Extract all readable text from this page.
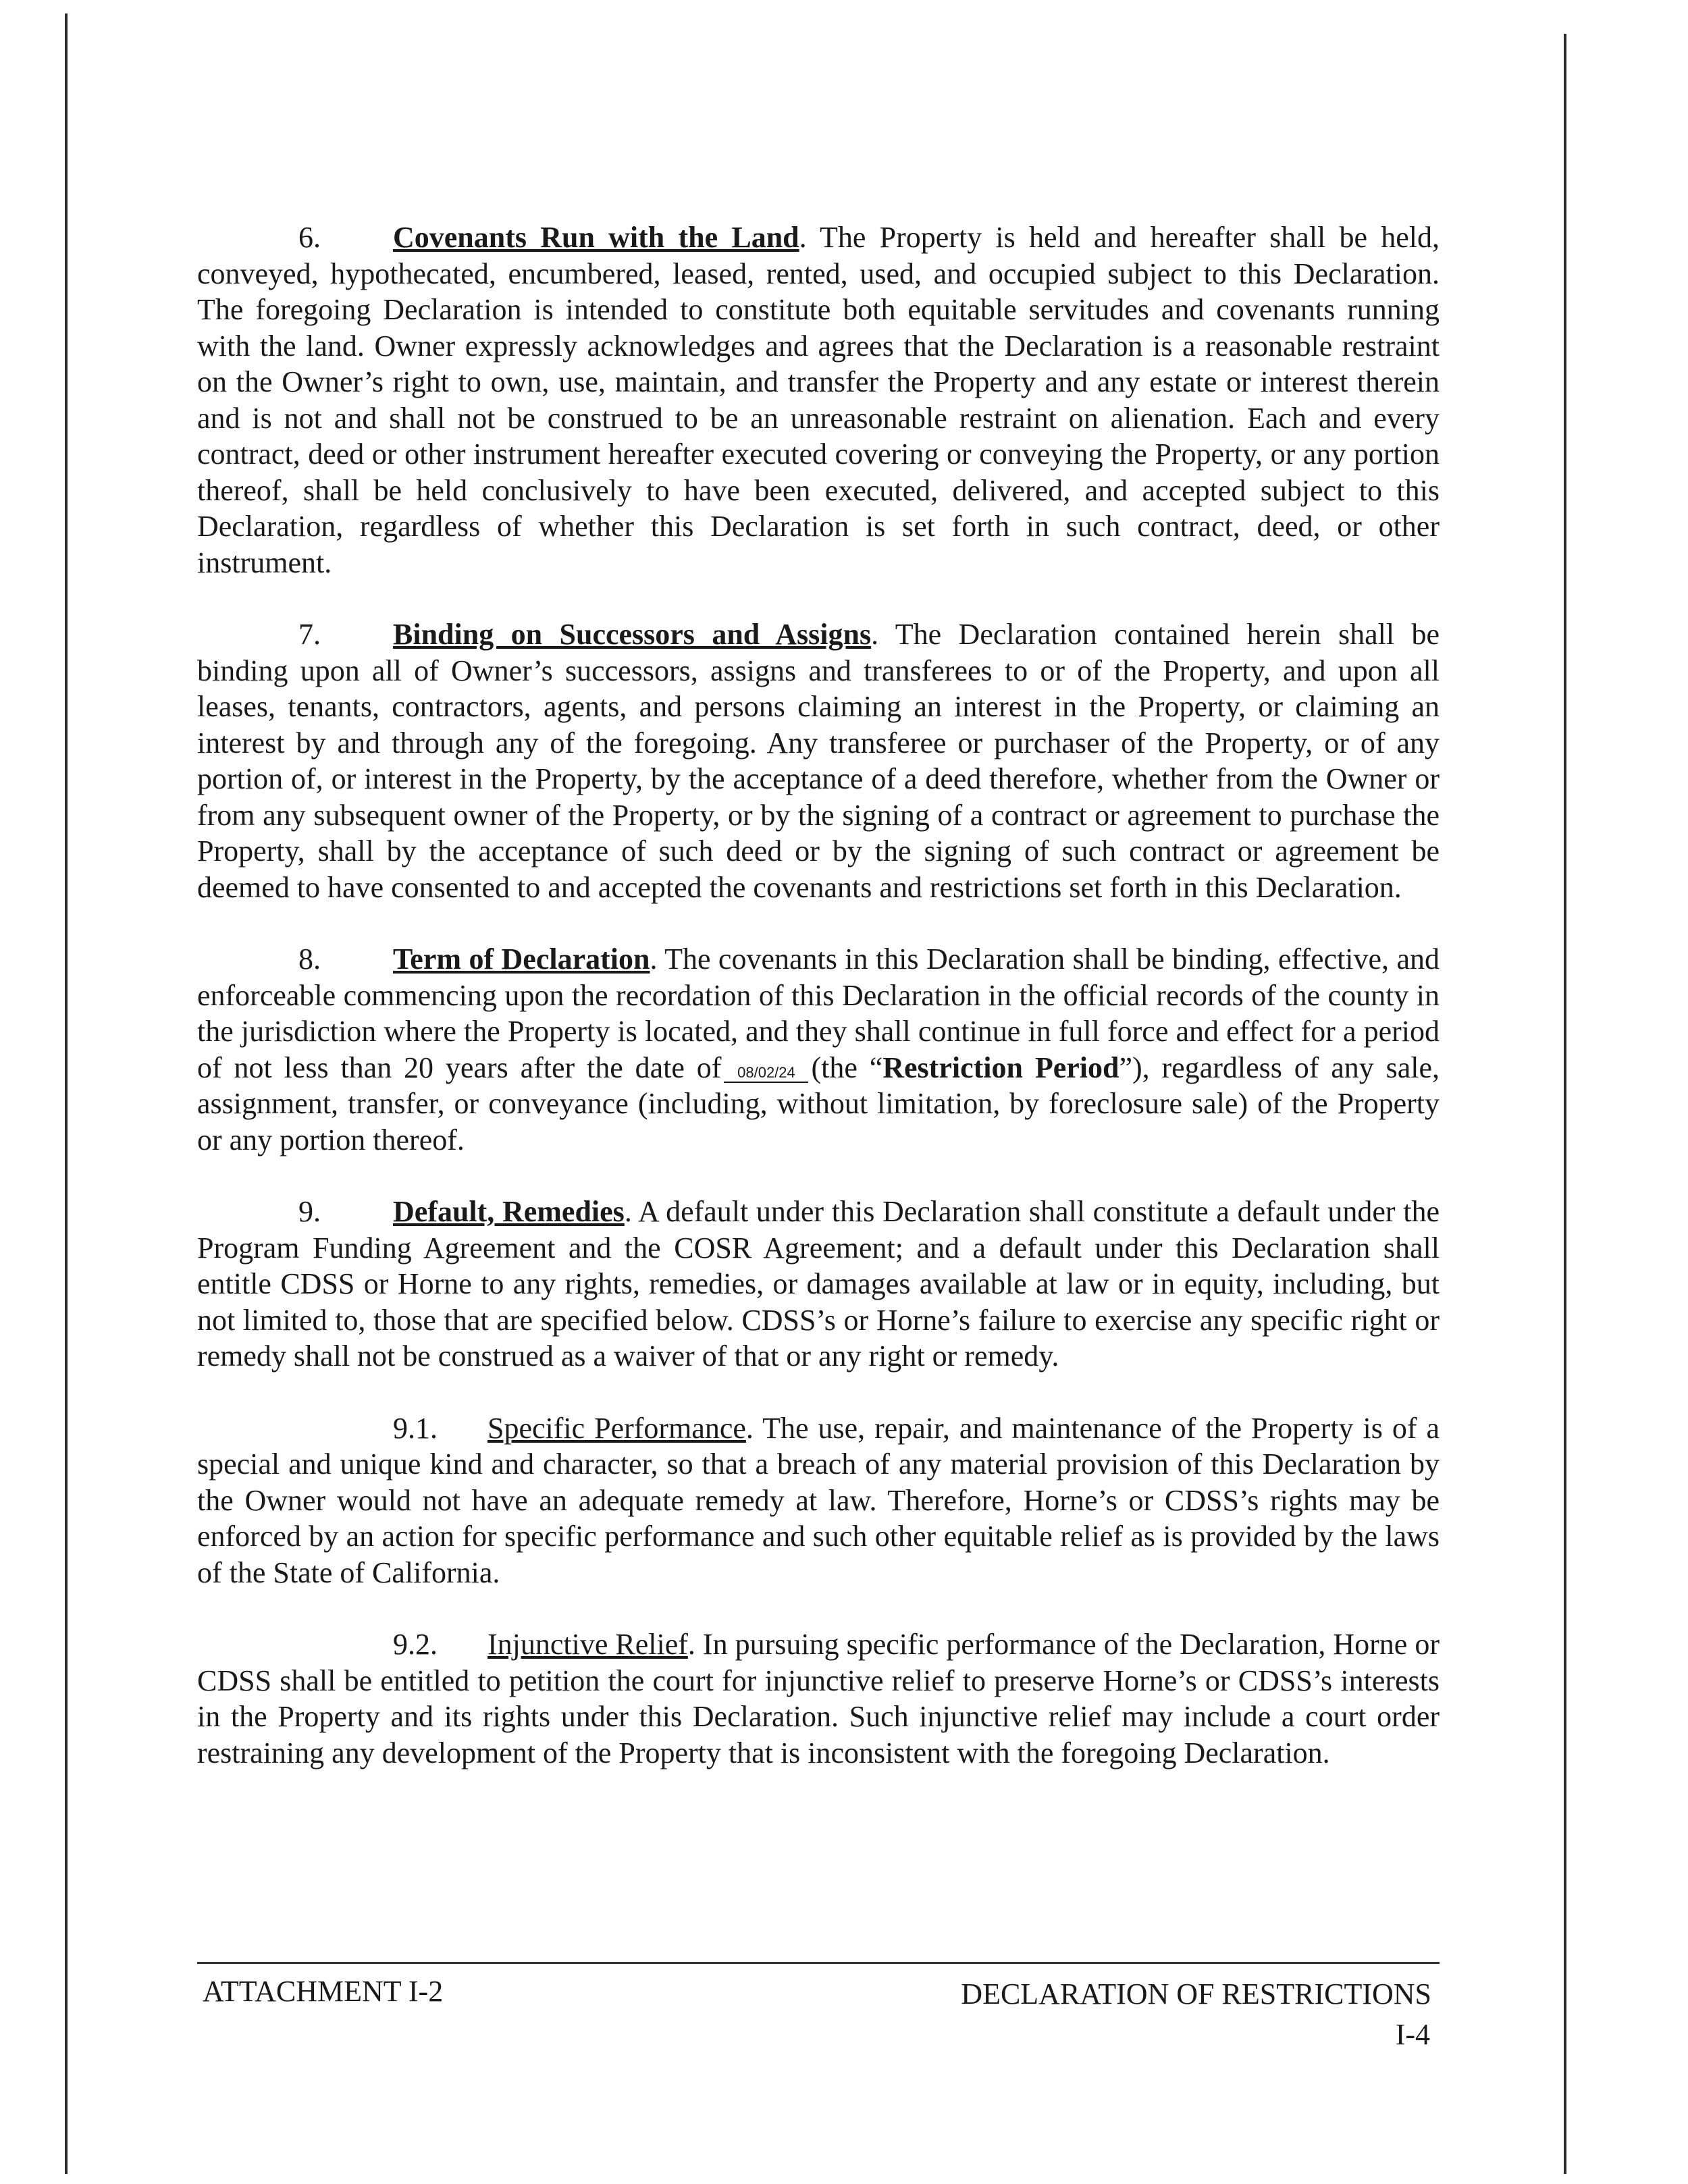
6. Covenants Run with the Land. The Property is held and hereafter shall be held, conveyed, hypothecated, encumbered, leased, rented, used, and occupied subject to this Declaration. The foregoing Declaration is intended to constitute both equitable servitudes and covenants running with the land. Owner expressly acknowledges and agrees that the Declaration is a reasonable restraint on the Owner’s right to own, use, maintain, and transfer the Property and any estate or interest therein and is not and shall not be construed to be an unreasonable restraint on alienation. Each and every contract, deed or other instrument hereafter executed covering or conveying the Property, or any portion thereof, shall be held conclusively to have been executed, delivered, and accepted subject to this Declaration, regardless of whether this Declaration is set forth in such contract, deed, or other instrument.

7. Binding on Successors and Assigns. The Declaration contained herein shall be binding upon all of Owner’s successors, assigns and transferees to or of the Property, and upon all leases, tenants, contractors, agents, and persons claiming an interest in the Property, or claiming an interest by and through any of the foregoing. Any transferee or purchaser of the Property, or of any portion of, or interest in the Property, by the acceptance of a deed therefore, whether from the Owner or from any subsequent owner of the Property, or by the signing of a contract or agreement to purchase the Property, shall by the acceptance of such deed or by the signing of such contract or agreement be deemed to have consented to and accepted the covenants and restrictions set forth in this Declaration.

8. Term of Declaration. The covenants in this Declaration shall be binding, effective, and enforceable commencing upon the recordation of this Declaration in the official records of the county in the jurisdiction where the Property is located, and they shall continue in full force and effect for a period of not less than 20 years after the date of 08/02/24 (the “Restriction Period”), regardless of any sale, assignment, transfer, or conveyance (including, without limitation, by foreclosure sale) of the Property or any portion thereof.

9. Default, Remedies. A default under this Declaration shall constitute a default under the Program Funding Agreement and the COSR Agreement; and a default under this Declaration shall entitle CDSS or Horne to any rights, remedies, or damages available at law or in equity, including, but not limited to, those that are specified below. CDSS’s or Horne’s failure to exercise any specific right or remedy shall not be construed as a waiver of that or any right or remedy.

9.1. Specific Performance. The use, repair, and maintenance of the Property is of a special and unique kind and character, so that a breach of any material provision of this Declaration by the Owner would not have an adequate remedy at law. Therefore, Horne’s or CDSS’s rights may be enforced by an action for specific performance and such other equitable relief as is provided by the laws of the State of California.

9.2. Injunctive Relief. In pursuing specific performance of the Declaration, Horne or CDSS shall be entitled to petition the court for injunctive relief to preserve Horne’s or CDSS’s interests in the Property and its rights under this Declaration. Such injunctive relief may include a court order restraining any development of the Property that is inconsistent with the foregoing Declaration.

ATTACHMENT I-2	DECLARATION OF RESTRICTIONS
I-4
